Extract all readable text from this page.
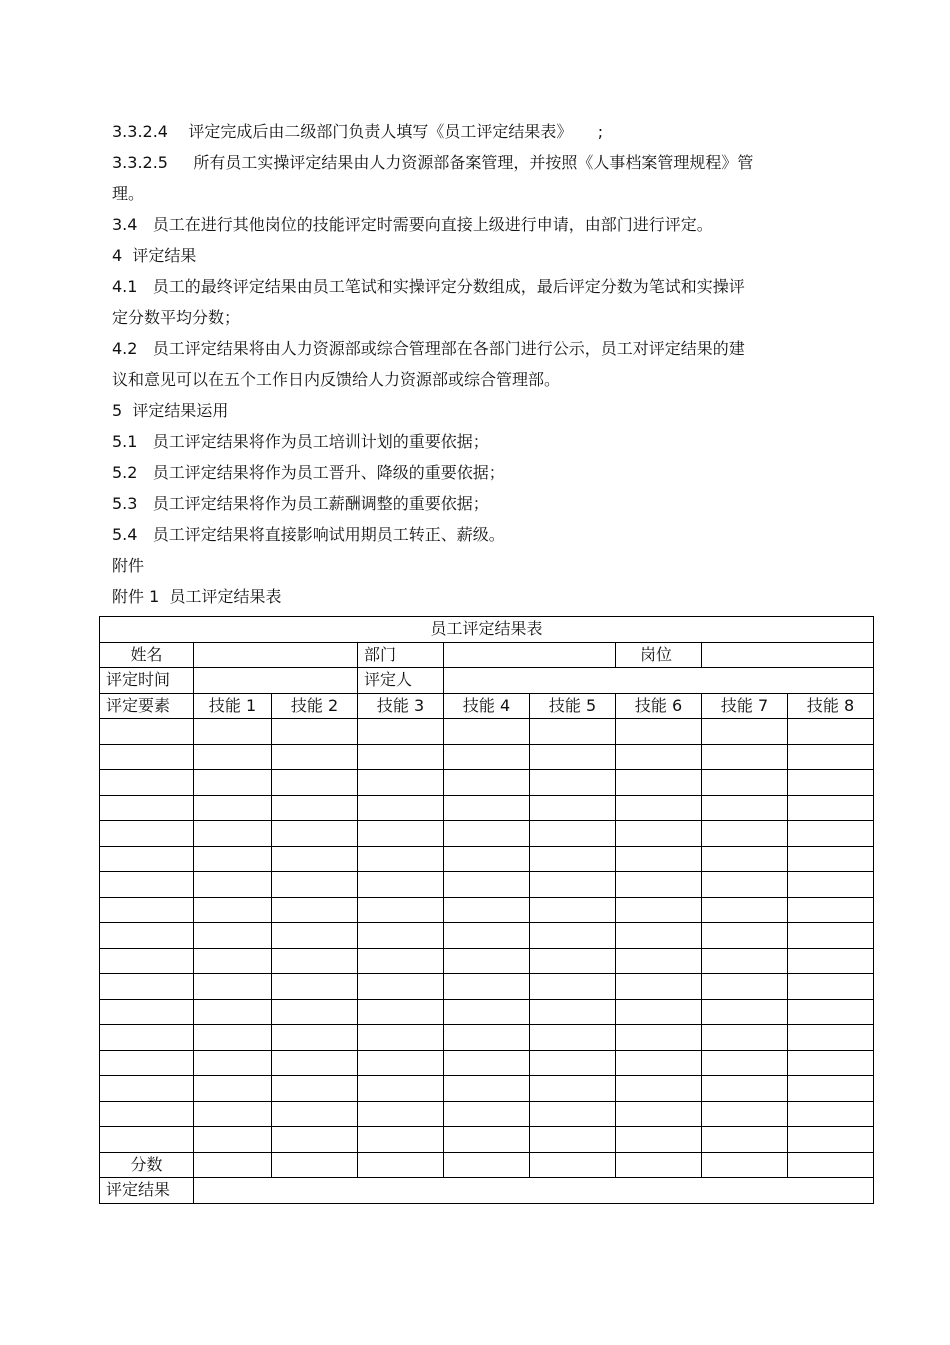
3.3.2.4    评定完成后由二级部门负责人填写《员工评定结果表》     ;

3.3.2.5     所有员工实操评定结果由人力资源部备案管理，并按照《人事档案管理规程》管

理。

3.4   员工在进行其他岗位的技能评定时需要向直接上级进行申请，由部门进行评定。

4  评定结果

4.1   员工的最终评定结果由员工笔试和实操评定分数组成，最后评定分数为笔试和实操评

定分数平均分数；

4.2   员工评定结果将由人力资源部或综合管理部在各部门进行公示，员工对评定结果的建

议和意见可以在五个工作日内反馈给人力资源部或综合管理部。

5  评定结果运用

5.1   员工评定结果将作为员工培训计划的重要依据；

5.2   员工评定结果将作为员工晋升、降级的重要依据；

5.3   员工评定结果将作为员工薪酬调整的重要依据；

5.4   员工评定结果将直接影响试用期员工转正、薪级。

附件

附件 1  员工评定结果表

员工评定结果表								
姓名			部门			岗位		
评定时间			评定人					
评定要素	技能 1	技能 2	技能 3	技能 4	技能 5	技能 6	技能 7	技能 8

分数								
评定结果								
